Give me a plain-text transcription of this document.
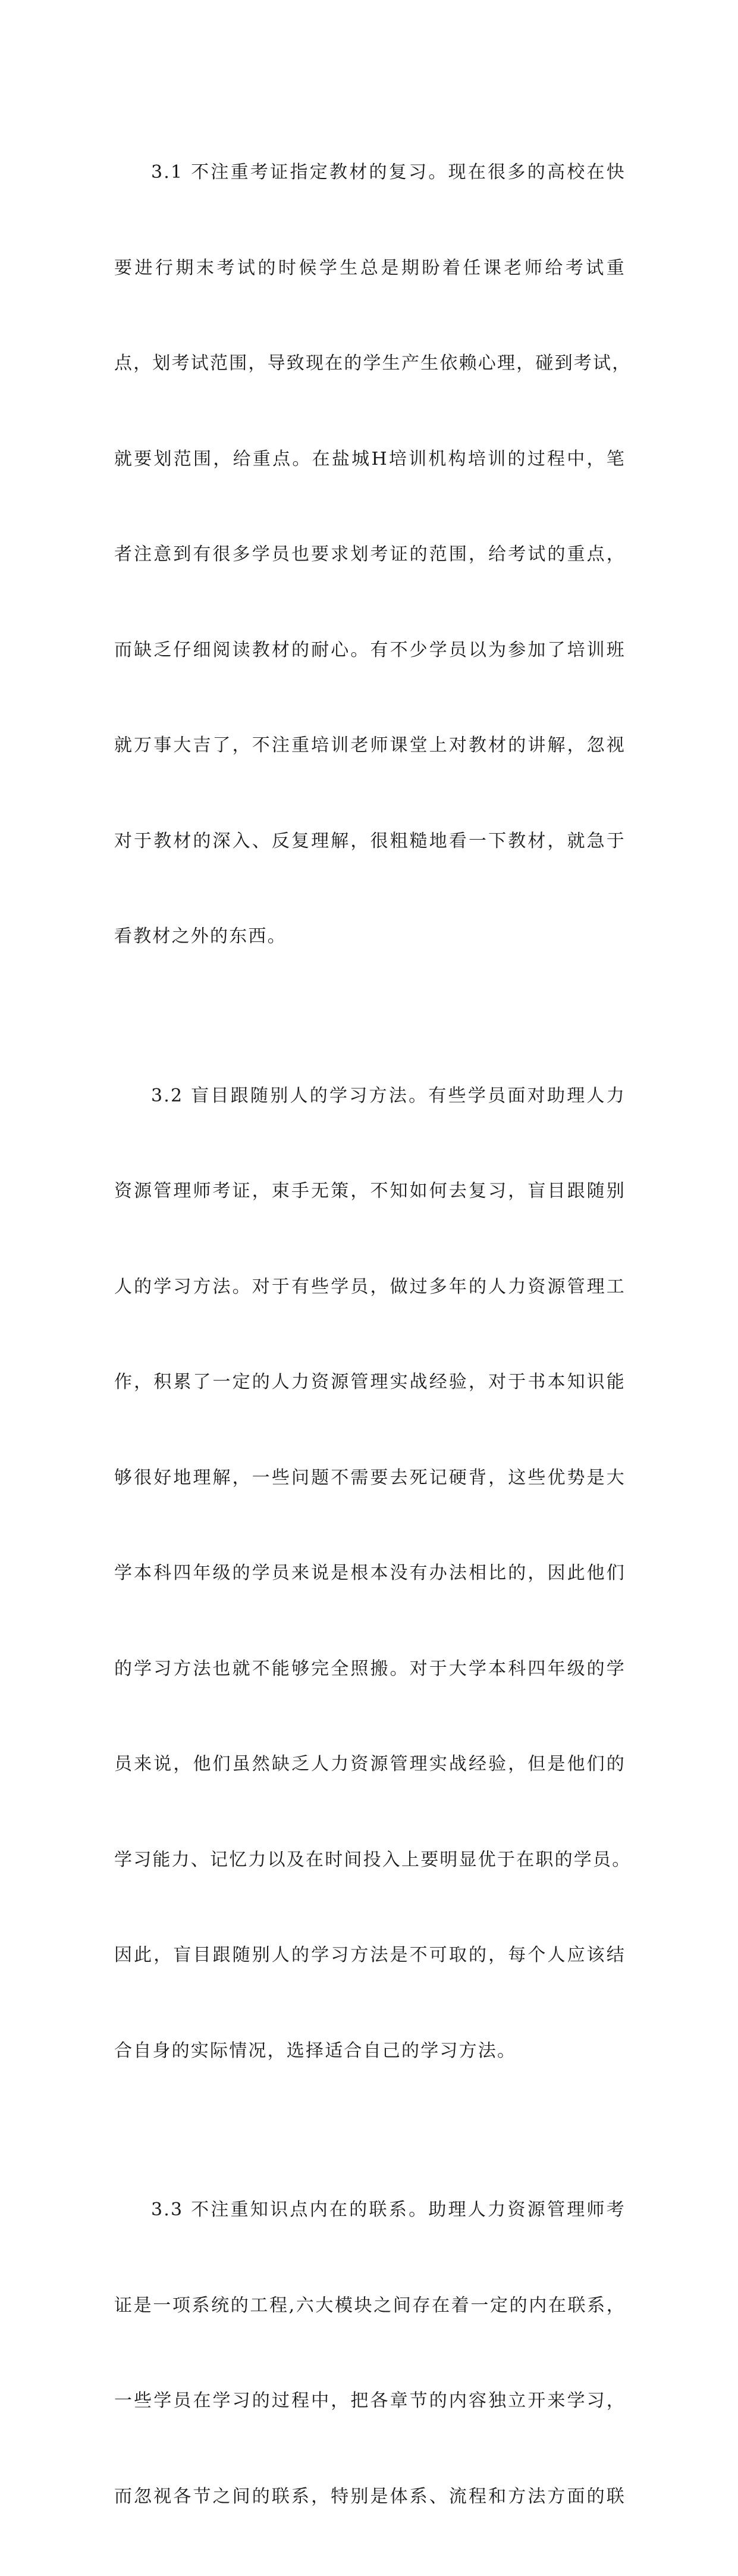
3.1 不注重考证指定教材的复习。现在很多的高校在快

要进行期末考试的时候学生总是期盼着任课老师给考试重

点，划考试范围，导致现在的学生产生依赖心理，碰到考试，

就要划范围，给重点。在盐城H培训机构培训的过程中，笔

者注意到有很多学员也要求划考证的范围，给考试的重点，

而缺乏仔细阅读教材的耐心。有不少学员以为参加了培训班

就万事大吉了，不注重培训老师课堂上对教材的讲解，忽视

对于教材的深入、反复理解，很粗糙地看一下教材，就急于

看教材之外的东西。

3.2 盲目跟随别人的学习方法。有些学员面对助理人力

资源管理师考证，束手无策，不知如何去复习，盲目跟随别

人的学习方法。对于有些学员，做过多年的人力资源管理工

作，积累了一定的人力资源管理实战经验，对于书本知识能

够很好地理解，一些问题不需要去死记硬背，这些优势是大

学本科四年级的学员来说是根本没有办法相比的，因此他们

的学习方法也就不能够完全照搬。对于大学本科四年级的学

员来说，他们虽然缺乏人力资源管理实战经验，但是他们的

学习能力、记忆力以及在时间投入上要明显优于在职的学员。

因此，盲目跟随别人的学习方法是不可取的，每个人应该结

合自身的实际情况，选择适合自己的学习方法。

3.3 不注重知识点内在的联系。助理人力资源管理师考

证是一项系统的工程,六大模块之间存在着一定的内在联系，

一些学员在学习的过程中，把各章节的内容独立开来学习，

而忽视各节之间的联系，特别是体系、流程和方法方面的联
